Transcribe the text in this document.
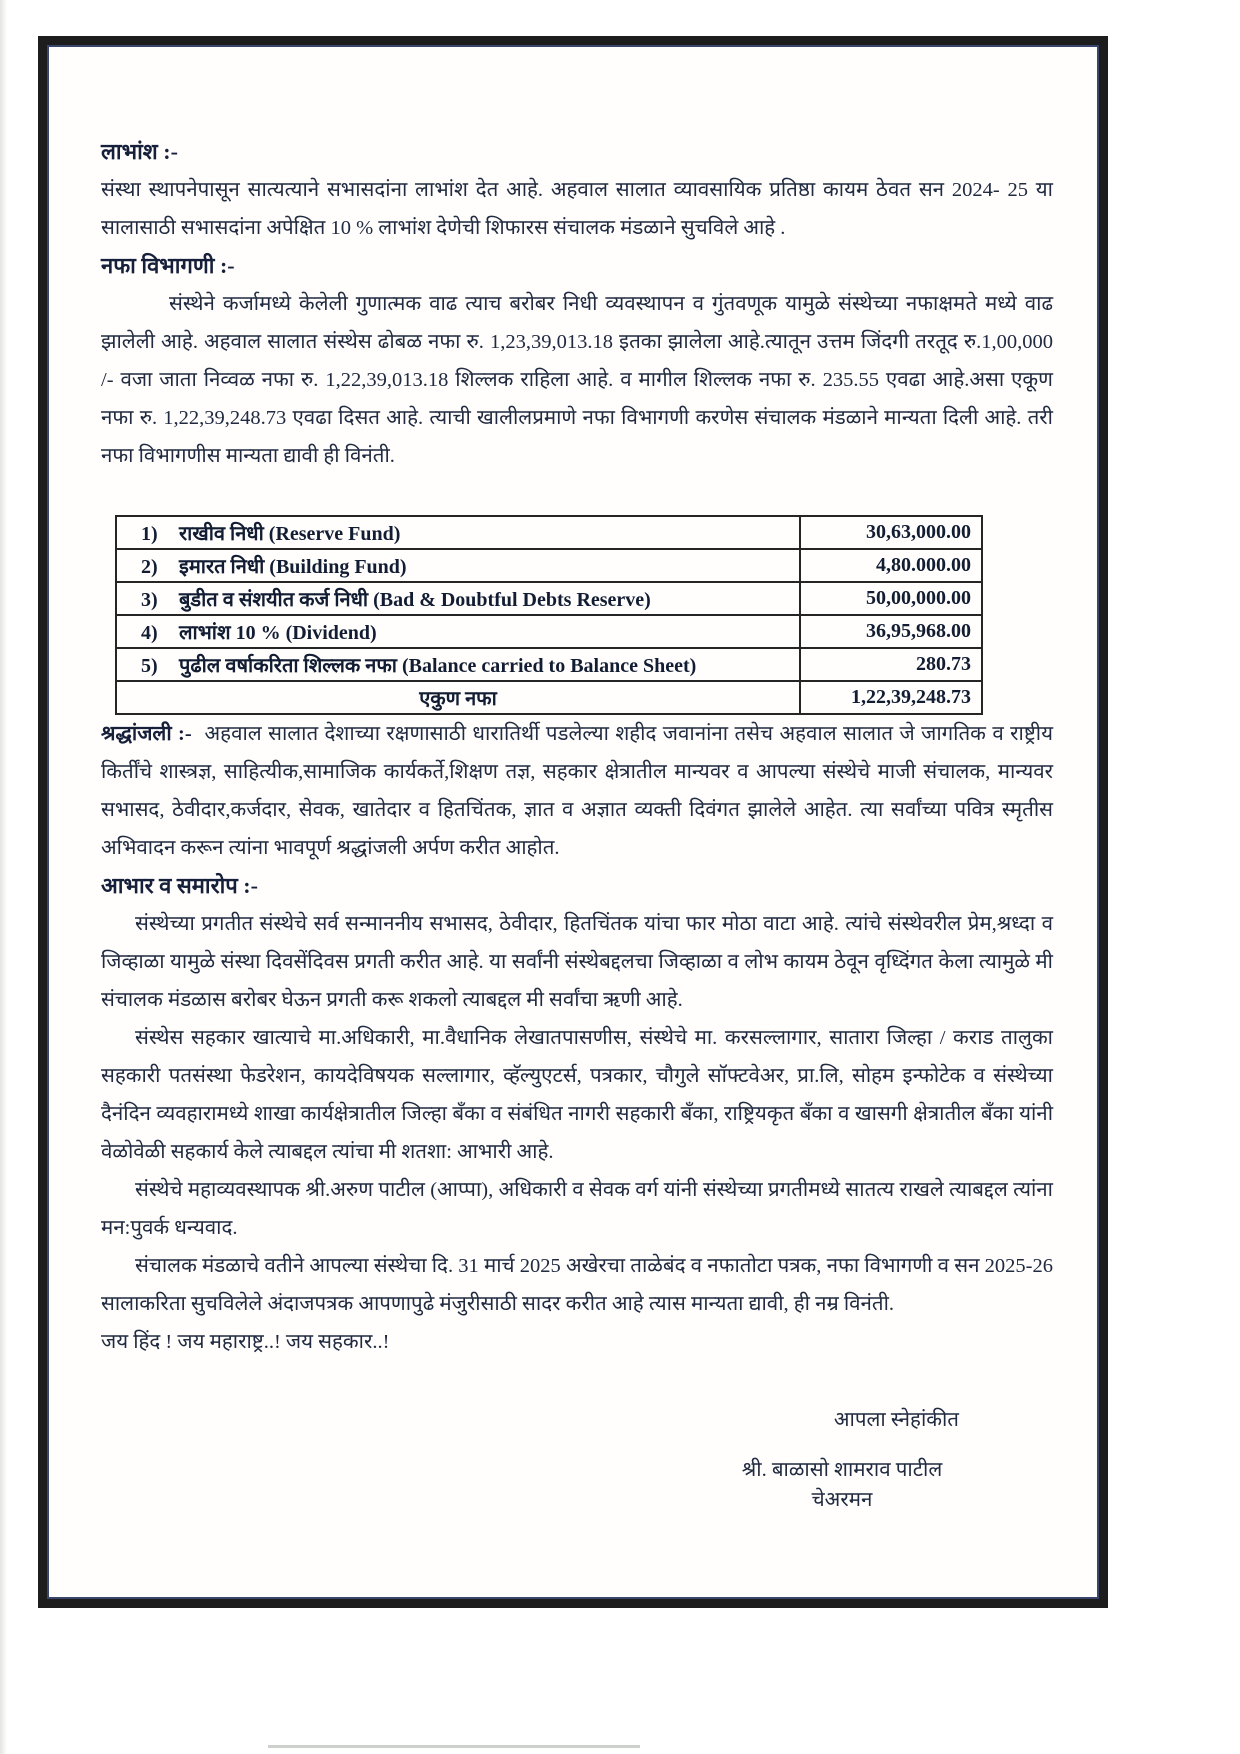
लाभांश :-

संस्था स्थापनेपासून सात्यत्याने सभासदांना लाभांश देत आहे. अहवाल सालात व्यावसायिक प्रतिष्ठा कायम ठेवत सन 2024- 25 या सालासाठी सभासदांना अपेक्षित 10 % लाभांश देणेची शिफारस संचालक मंडळाने सुचविले आहे .

नफा विभागणी :-

संस्थेने कर्जामध्ये केलेली गुणात्मक वाढ त्याच बरोबर निधी व्यवस्थापन व गुंतवणूक यामुळे संस्थेच्या नफाक्षमते मध्ये वाढ झालेली आहे. अहवाल सालात संस्थेस ढोबळ नफा रु. 1,23,39,013.18 इतका झालेला आहे.त्यातून उत्तम जिंदगी तरतूद रु.1,00,000 /- वजा जाता निव्वळ नफा रु. 1,22,39,013.18 शिल्लक राहिला आहे. व मागील शिल्लक नफा रु. 235.55 एवढा आहे.असा एकूण नफा रु. 1,22,39,248.73 एवढा दिसत आहे. त्याची खालीलप्रमाणे नफा विभागणी करणेस संचालक मंडळाने मान्यता दिली आहे. तरी नफा विभागणीस मान्यता द्यावी ही विनंती.

1) राखीव निधी (Reserve Fund)	30,63,000.00
2) इमारत निधी (Building Fund)	4,80.000.00
3) बुडीत व संशयीत कर्ज निधी (Bad & Doubtful Debts Reserve)	50,00,000.00
4) लाभांश 10 % (Dividend)	36,95,968.00
5) पुढील वर्षाकरिता शिल्लक नफा (Balance carried to Balance Sheet)	280.73
एकुण नफा	1,22,39,248.73

श्रद्धांजली :- अहवाल सालात देशाच्या रक्षणासाठी धारातिर्थी पडलेल्या शहीद जवानांना तसेच अहवाल सालात जे जागतिक व राष्ट्रीय किर्तींचे शास्त्रज्ञ, साहित्यीक,सामाजिक कार्यकर्ते,शिक्षण तज्ञ, सहकार क्षेत्रातील मान्यवर व आपल्या संस्थेचे माजी संचालक, मान्यवर सभासद, ठेवीदार,कर्जदार, सेवक, खातेदार व हितचिंतक, ज्ञात व अज्ञात व्यक्ती दिवंगत झालेले आहेत. त्या सर्वांच्या पवित्र स्मृतीस अभिवादन करून त्यांना भावपूर्ण श्रद्धांजली अर्पण करीत आहोत.

आभार व समारोप :-

संस्थेच्या प्रगतीत संस्थेचे सर्व सन्माननीय सभासद, ठेवीदार, हितचिंतक यांचा फार मोठा वाटा आहे. त्यांचे संस्थेवरील प्रेम,श्रध्दा व जिव्हाळा यामुळे संस्था दिवसेंदिवस प्रगती करीत आहे. या सर्वांनी संस्थेबद्दलचा जिव्हाळा व लोभ कायम ठेवून वृध्दिंगत केला त्यामुळे मी संचालक मंडळास बरोबर घेऊन प्रगती करू शकलो त्याबद्दल मी सर्वांचा ऋणी आहे.

संस्थेस सहकार खात्याचे मा.अधिकारी, मा.वैधानिक लेखातपासणीस, संस्थेचे मा. करसल्लागार, सातारा जिल्हा / कराड तालुका सहकारी पतसंस्था फेडरेशन, कायदेविषयक सल्लागार, व्हॅल्युएटर्स, पत्रकार, चौगुले सॉफ्टवेअर, प्रा.लि, सोहम इन्फोटेक व संस्थेच्या दैनंदिन व्यवहारामध्ये शाखा कार्यक्षेत्रातील जिल्हा बँका व संबंधित नागरी सहकारी बँका, राष्ट्रियकृत बँका व खासगी क्षेत्रातील बँका यांनी वेळोवेळी सहकार्य केले त्याबद्दल त्यांचा मी शतशा: आभारी आहे.

संस्थेचे महाव्यवस्थापक श्री.अरुण पाटील (आप्पा), अधिकारी व सेवक वर्ग यांनी संस्थेच्या प्रगतीमध्ये सातत्य राखले त्याबद्दल त्यांना मन:पुवर्क धन्यवाद.

संचालक मंडळाचे वतीने आपल्या संस्थेचा दि. 31 मार्च 2025 अखेरचा ताळेबंद व नफातोटा पत्रक, नफा विभागणी व सन 2025-26 सालाकरिता सुचविलेले अंदाजपत्रक आपणापुढे मंजुरीसाठी सादर करीत आहे त्यास मान्यता द्यावी, ही नम्र विनंती.

जय हिंद ! जय महाराष्ट्र..! जय सहकार..!

आपला स्नेहांकीत
श्री. बाळासो शामराव पाटील
चेअरमन
